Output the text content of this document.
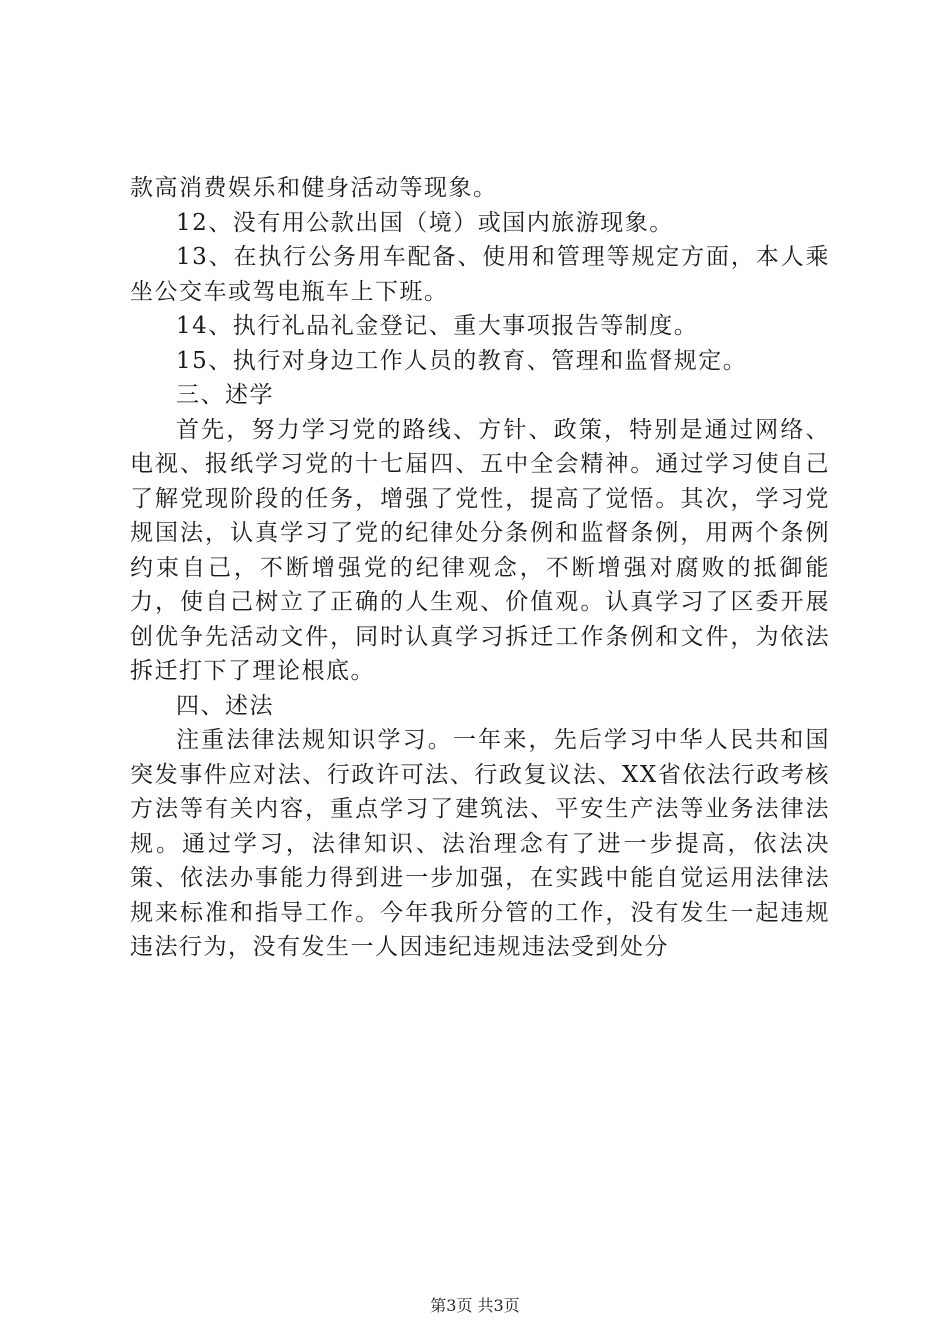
款高消费娱乐和健身活动等现象。

12、没有用公款出国（境）或国内旅游现象。

13、在执行公务用车配备、使用和管理等规定方面，本人乘坐公交车或驾电瓶车上下班。

14、执行礼品礼金登记、重大事项报告等制度。

15、执行对身边工作人员的教育、管理和监督规定。

三、述学

首先，努力学习党的路线、方针、政策，特别是通过网络、电视、报纸学习党的十七届四、五中全会精神。通过学习使自己了解党现阶段的任务，增强了党性，提高了觉悟。其次，学习党规国法，认真学习了党的纪律处分条例和监督条例，用两个条例约束自己，不断增强党的纪律观念，不断增强对腐败的抵御能力，使自己树立了正确的人生观、价值观。认真学习了区委开展创优争先活动文件，同时认真学习拆迁工作条例和文件，为依法拆迁打下了理论根底。

四、述法

注重法律法规知识学习。一年来，先后学习中华人民共和国突发事件应对法、行政许可法、行政复议法、XX省依法行政考核方法等有关内容，重点学习了建筑法、平安生产法等业务法律法规。通过学习，法律知识、法治理念有了进一步提高，依法决策、依法办事能力得到进一步加强，在实践中能自觉运用法律法规来标准和指导工作。今年我所分管的工作，没有发生一起违规违法行为，没有发生一人因违纪违规违法受到处分

第3页 共3页
